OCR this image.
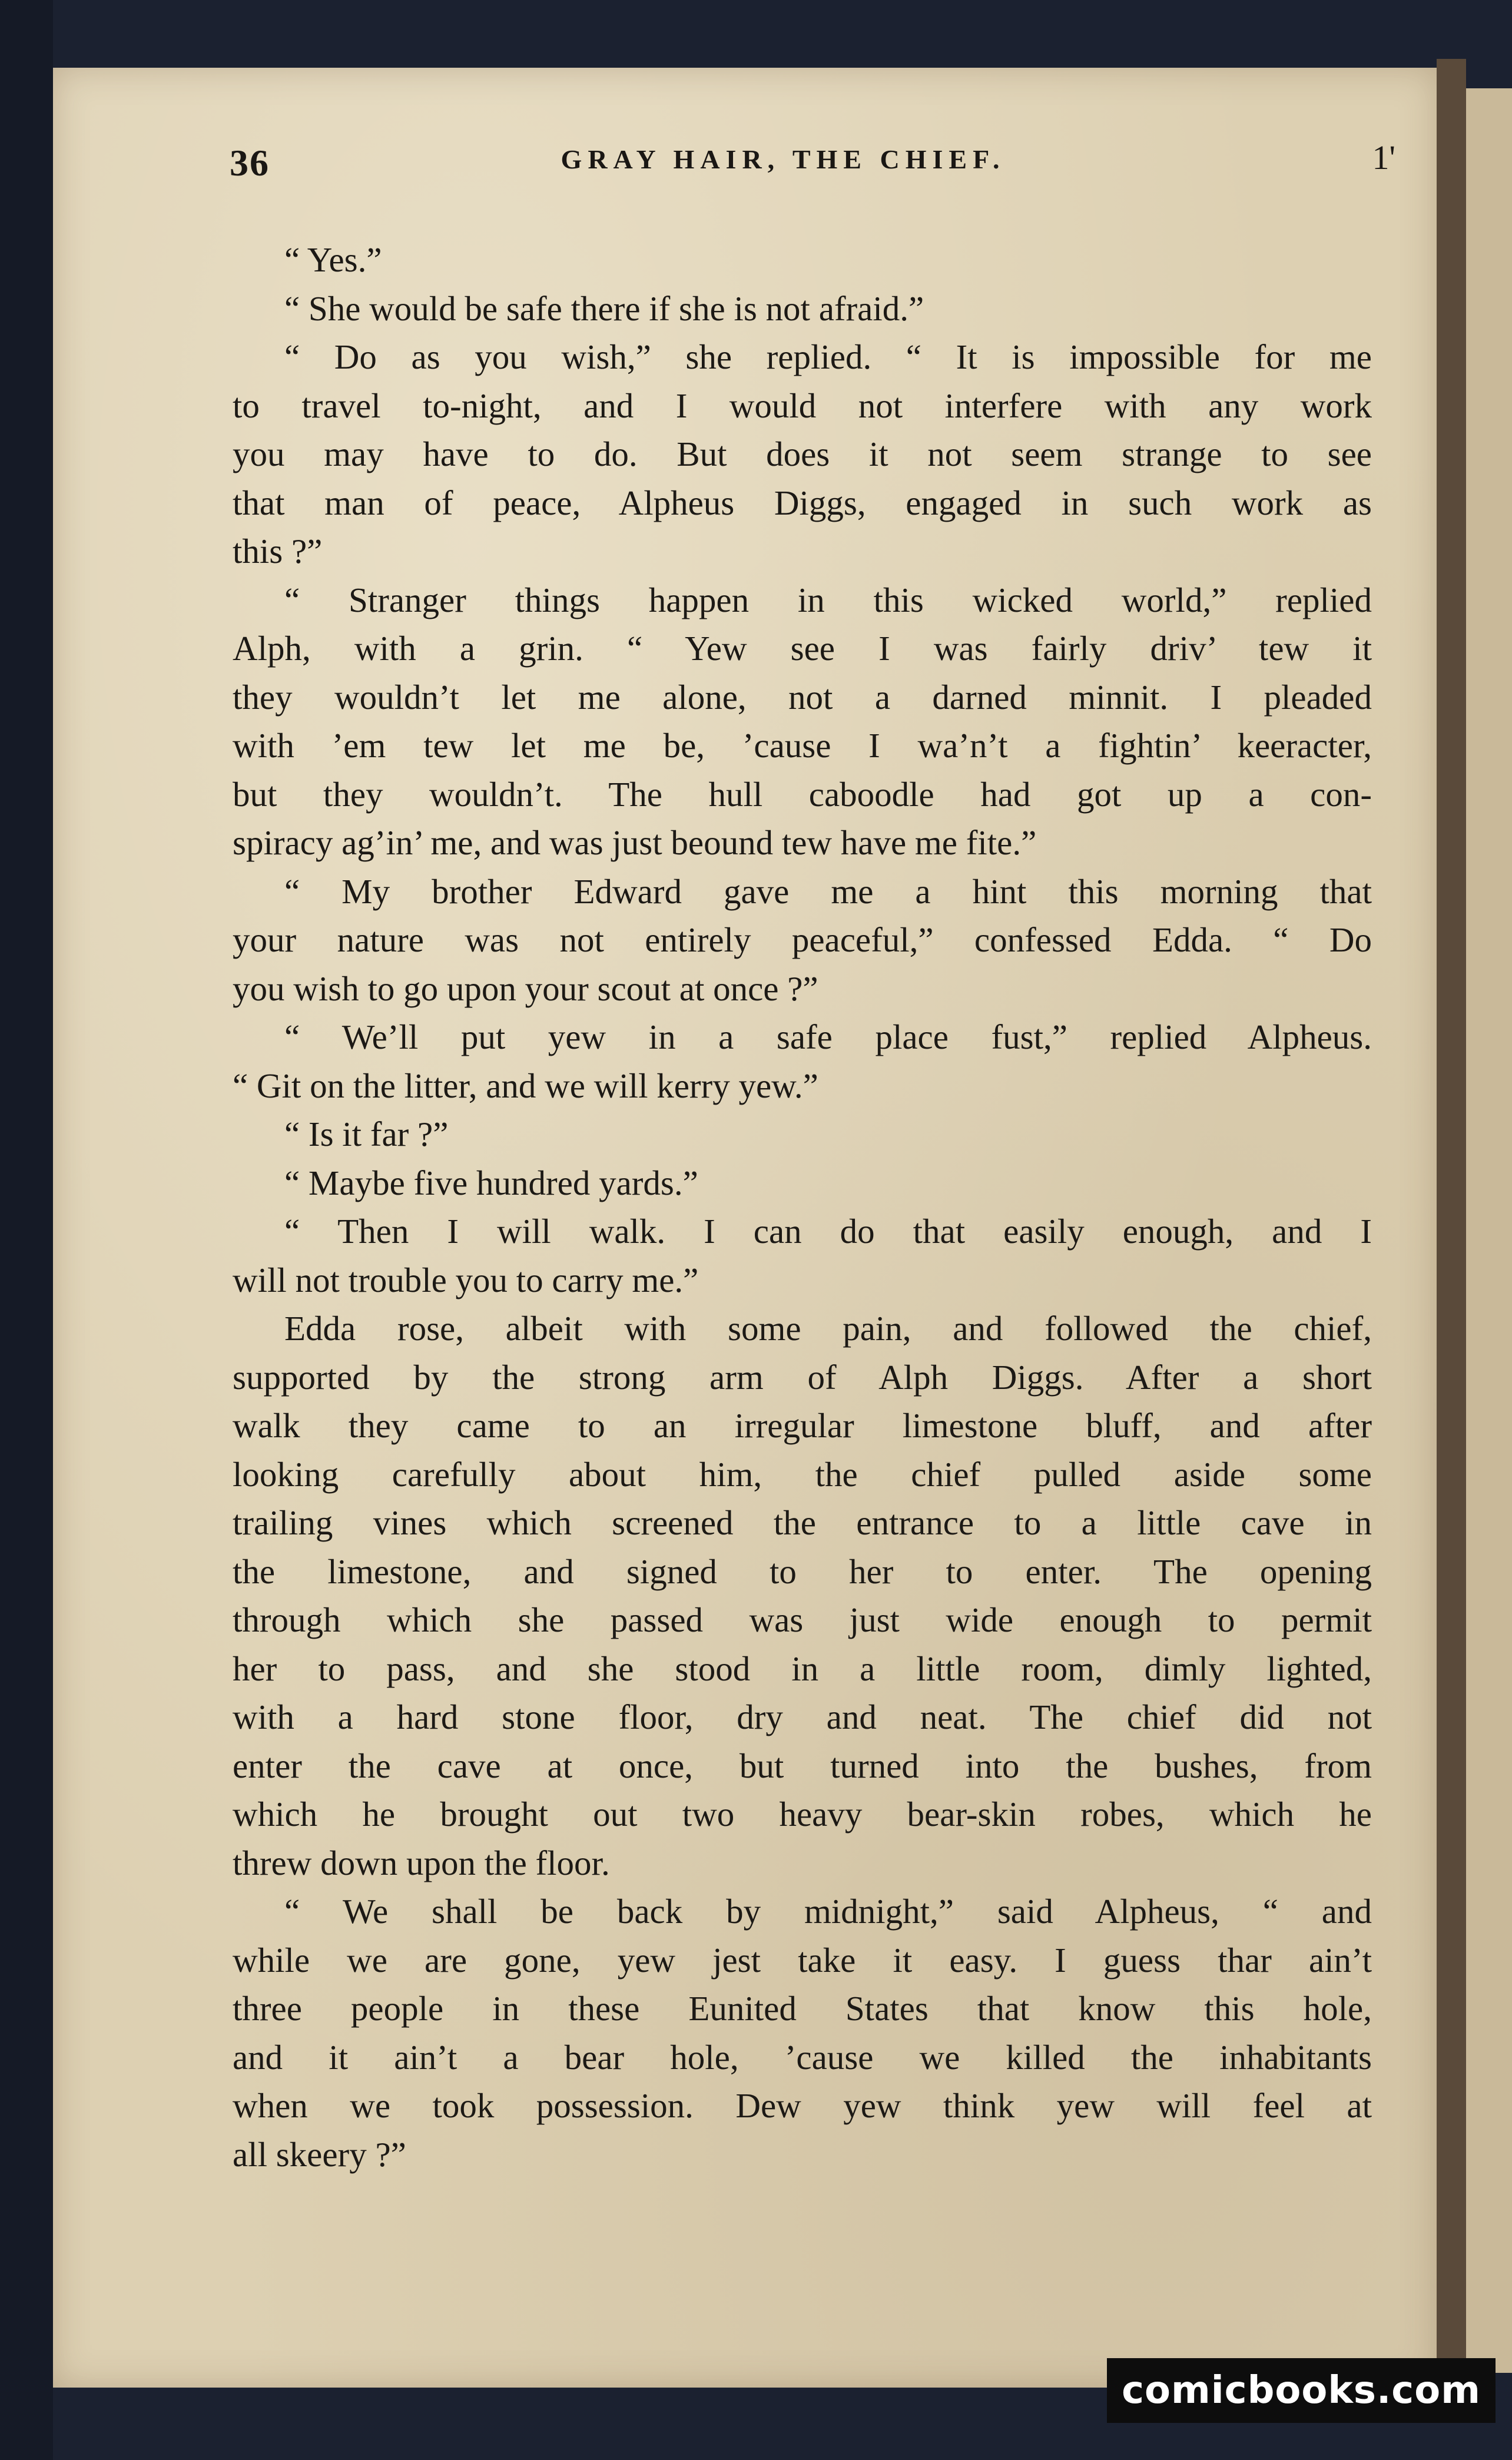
36	GRAY HAIR, THE CHIEF.	1'
“ Yes.”
“ She would be safe there if she is not afraid.”
“ Do as you wish,” she replied. “ It is impossible for me
to travel to-night, and I would not interfere with any work
you may have to do. But does it not seem strange to see
that man of peace, Alpheus Diggs, engaged in such work as
this ?”
“ Stranger things happen in this wicked world,” replied
Alph, with a grin. “ Yew see I was fairly driv’ tew it
they wouldn’t let me alone, not a darned minnit. I pleaded
with ’em tew let me be, ’cause I wa’n’t a fightin’ keeracter,
but they wouldn’t. The hull caboodle had got up a con-
spiracy ag’in’ me, and was just beound tew have me fite.”
“ My brother Edward gave me a hint this morning that
your nature was not entirely peaceful,” confessed Edda. “ Do
you wish to go upon your scout at once ?”
“ We’ll put yew in a safe place fust,” replied Alpheus.
“ Git on the litter, and we will kerry yew.”
“ Is it far ?”
“ Maybe five hundred yards.”
“ Then I will walk. I can do that easily enough, and I
will not trouble you to carry me.”
Edda rose, albeit with some pain, and followed the chief,
supported by the strong arm of Alph Diggs. After a short
walk they came to an irregular limestone bluff, and after
looking carefully about him, the chief pulled aside some
trailing vines which screened the entrance to a little cave in
the limestone, and signed to her to enter. The opening
through which she passed was just wide enough to permit
her to pass, and she stood in a little room, dimly lighted,
with a hard stone floor, dry and neat. The chief did not
enter the cave at once, but turned into the bushes, from
which he brought out two heavy bear-skin robes, which he
threw down upon the floor.
“ We shall be back by midnight,” said Alpheus, “ and
while we are gone, yew jest take it easy. I guess thar ain’t
three people in these Eunited States that know this hole,
and it ain’t a bear hole, ’cause we killed the inhabitants
when we took possession. Dew yew think yew will feel at
all skeery ?”
comicbooks.com
